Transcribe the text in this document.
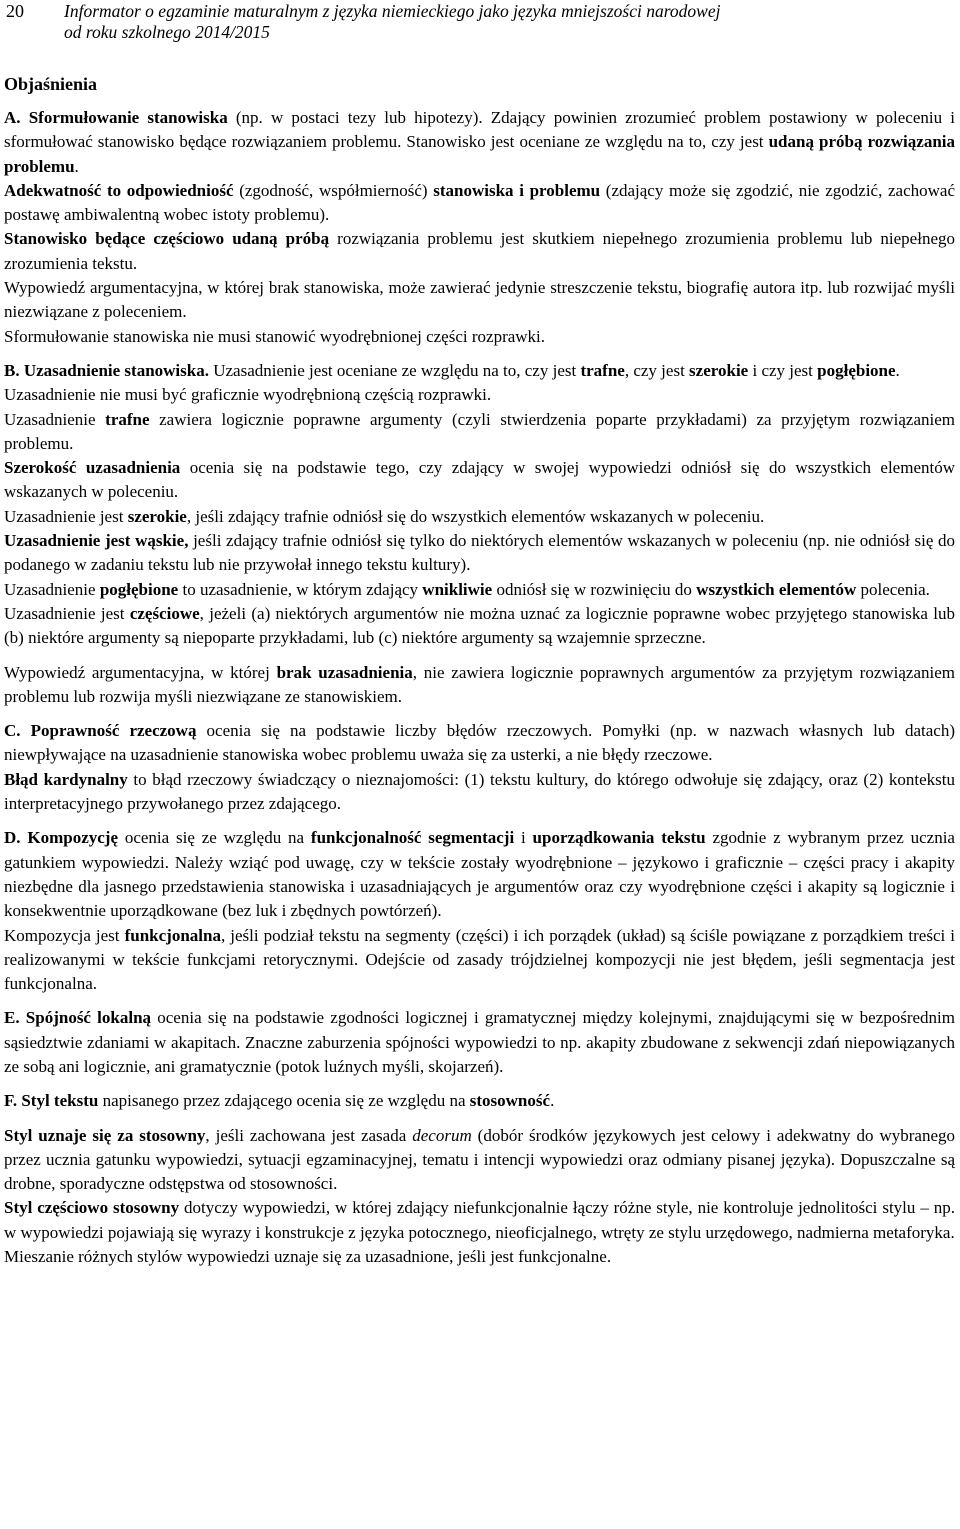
20 Informator o egzaminie maturalnym z języka niemieckiego jako języka mniejszości narodowej
od roku szkolnego 2014/2015
Objaśnienia

A. Sformułowanie stanowiska (np. w postaci tezy lub hipotezy). Zdający powinien zrozumieć problem postawiony w poleceniu i sformułować stanowisko będące rozwiązaniem problemu. Stanowisko jest oceniane ze względu na to, czy jest udaną próbą rozwiązania problemu.

Adekwatność to odpowiedniość (zgodność, współmierność) stanowiska i problemu (zdający może się zgodzić, nie zgodzić, zachować postawę ambiwalentną wobec istoty problemu).

Stanowisko będące częściowo udaną próbą rozwiązania problemu jest skutkiem niepełnego zrozumienia problemu lub niepełnego zrozumienia tekstu.

Wypowiedź argumentacyjna, w której brak stanowiska, może zawierać jedynie streszczenie tekstu, biografię autora itp. lub rozwijać myśli niezwiązane z poleceniem.

Sformułowanie stanowiska nie musi stanowić wyodrębnionej części rozprawki.

B. Uzasadnienie stanowiska. Uzasadnienie jest oceniane ze względu na to, czy jest trafne, czy jest szerokie i czy jest pogłębione.

Uzasadnienie nie musi być graficznie wyodrębnioną częścią rozprawki.

Uzasadnienie trafne zawiera logicznie poprawne argumenty (czyli stwierdzenia poparte przykładami) za przyjętym rozwiązaniem problemu.

Szerokość uzasadnienia ocenia się na podstawie tego, czy zdający w swojej wypowiedzi odniósł się do wszystkich elementów wskazanych w poleceniu.

Uzasadnienie jest szerokie, jeśli zdający trafnie odniósł się do wszystkich elementów wskazanych w poleceniu.

Uzasadnienie jest wąskie, jeśli zdający trafnie odniósł się tylko do niektórych elementów wskazanych w poleceniu (np. nie odniósł się do podanego w zadaniu tekstu lub nie przywołał innego tekstu kultury).

Uzasadnienie pogłębione to uzasadnienie, w którym zdający wnikliwie odniósł się w rozwinięciu do wszystkich elementów polecenia.

Uzasadnienie jest częściowe, jeżeli (a) niektórych argumentów nie można uznać za logicznie poprawne wobec przyjętego stanowiska lub (b) niektóre argumenty są niepoparte przykładami, lub (c) niektóre argumenty są wzajemnie sprzeczne.

Wypowiedź argumentacyjna, w której brak uzasadnienia, nie zawiera logicznie poprawnych argumentów za przyjętym rozwiązaniem problemu lub rozwija myśli niezwiązane ze stanowiskiem.

C. Poprawność rzeczową ocenia się na podstawie liczby błędów rzeczowych. Pomyłki (np. w nazwach własnych lub datach) niewpływające na uzasadnienie stanowiska wobec problemu uważa się za usterki, a nie błędy rzeczowe.

Błąd kardynalny to błąd rzeczowy świadczący o nieznajomości: (1) tekstu kultury, do którego odwołuje się zdający, oraz (2) kontekstu interpretacyjnego przywołanego przez zdającego.

D. Kompozycję ocenia się ze względu na funkcjonalność segmentacji i uporządkowania tekstu zgodnie z wybranym przez ucznia gatunkiem wypowiedzi. Należy wziąć pod uwagę, czy w tekście zostały wyodrębnione – językowo i graficznie – części pracy i akapity niezbędne dla jasnego przedstawienia stanowiska i uzasadniających je argumentów oraz czy wyodrębnione części i akapity są logicznie i konsekwentnie uporządkowane (bez luk i zbędnych powtórzeń).

Kompozycja jest funkcjonalna, jeśli podział tekstu na segmenty (części) i ich porządek (układ) są ściśle powiązane z porządkiem treści i realizowanymi w tekście funkcjami retorycznymi. Odejście od zasady trójdzielnej kompozycji nie jest błędem, jeśli segmentacja jest funkcjonalna.

E. Spójność lokalną ocenia się na podstawie zgodności logicznej i gramatycznej między kolejnymi, znajdującymi się w bezpośrednim sąsiedztwie zdaniami w akapitach. Znaczne zaburzenia spójności wypowiedzi to np. akapity zbudowane z sekwencji zdań niepowiązanych ze sobą ani logicznie, ani gramatycznie (potok luźnych myśli, skojarzeń).

F. Styl tekstu napisanego przez zdającego ocenia się ze względu na stosowność.

Styl uznaje się za stosowny, jeśli zachowana jest zasada decorum (dobór środków językowych jest celowy i adekwatny do wybranego przez ucznia gatunku wypowiedzi, sytuacji egzaminacyjnej, tematu i intencji wypowiedzi oraz odmiany pisanej języka). Dopuszczalne są drobne, sporadyczne odstępstwa od stosowności.

Styl częściowo stosowny dotyczy wypowiedzi, w której zdający niefunkcjonalnie łączy różne style, nie kontroluje jednolitości stylu – np. w wypowiedzi pojawiają się wyrazy i konstrukcje z języka potocznego, nieoficjalnego, wtręty ze stylu urzędowego, nadmierna metaforyka.

Mieszanie różnych stylów wypowiedzi uznaje się za uzasadnione, jeśli jest funkcjonalne.
